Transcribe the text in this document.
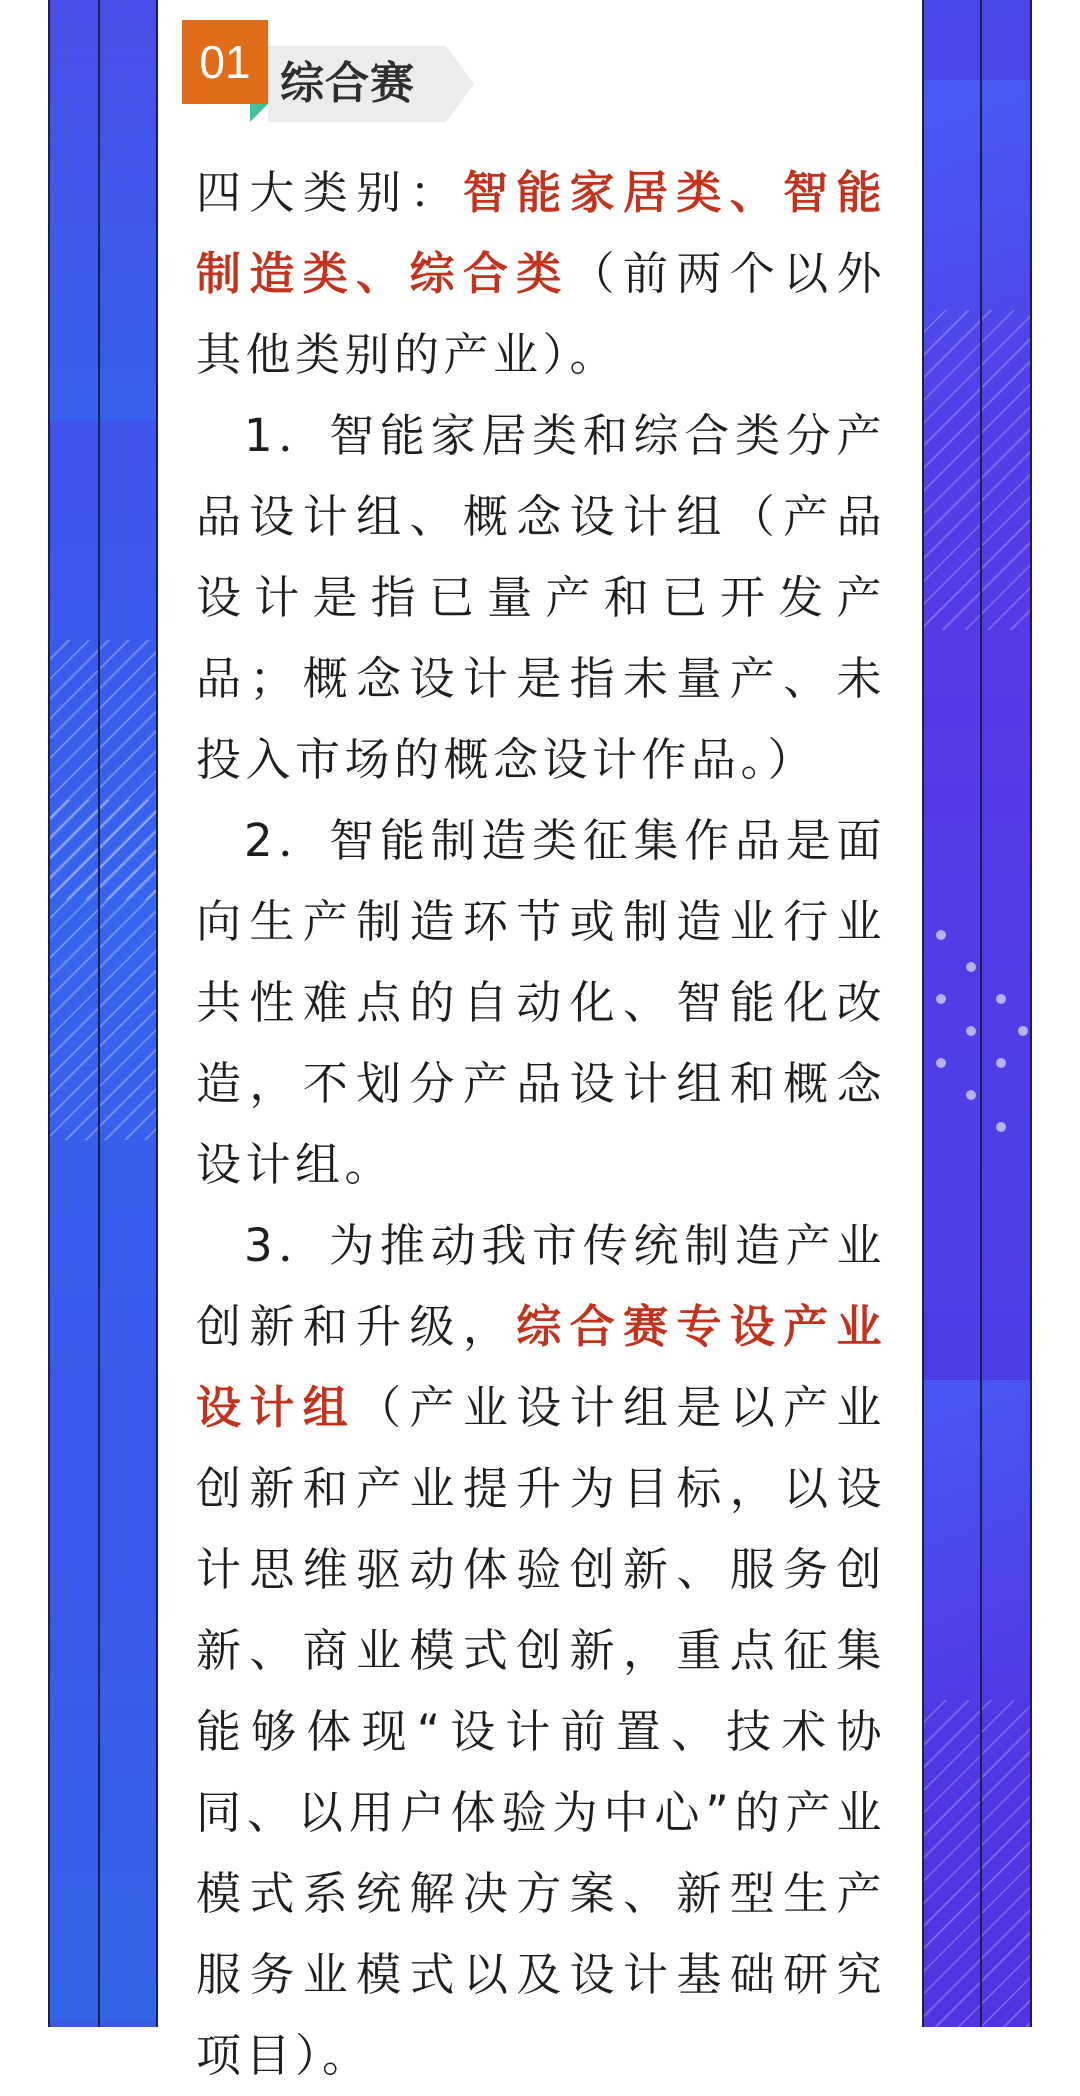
01 综合赛

四大类别：智能家居类、智能制造类、综合类（前两个以外其他类别的产业）。

1．智能家居类和综合类分产品设计组、概念设计组（产品设计是指已量产和已开发产品；概念设计是指未量产、未投入市场的概念设计作品。）

2．智能制造类征集作品是面向生产制造环节或制造业行业共性难点的自动化、智能化改造，不划分产品设计组和概念设计组。

3．为推动我市传统制造产业创新和升级，综合赛专设产业设计组（产业设计组是以产业创新和产业提升为目标，以设计思维驱动体验创新、服务创新、商业模式创新，重点征集能够体现“设计前置、技术协同、以用户体验为中心”的产业模式系统解决方案、新型生产服务业模式以及设计基础研究项目）。
